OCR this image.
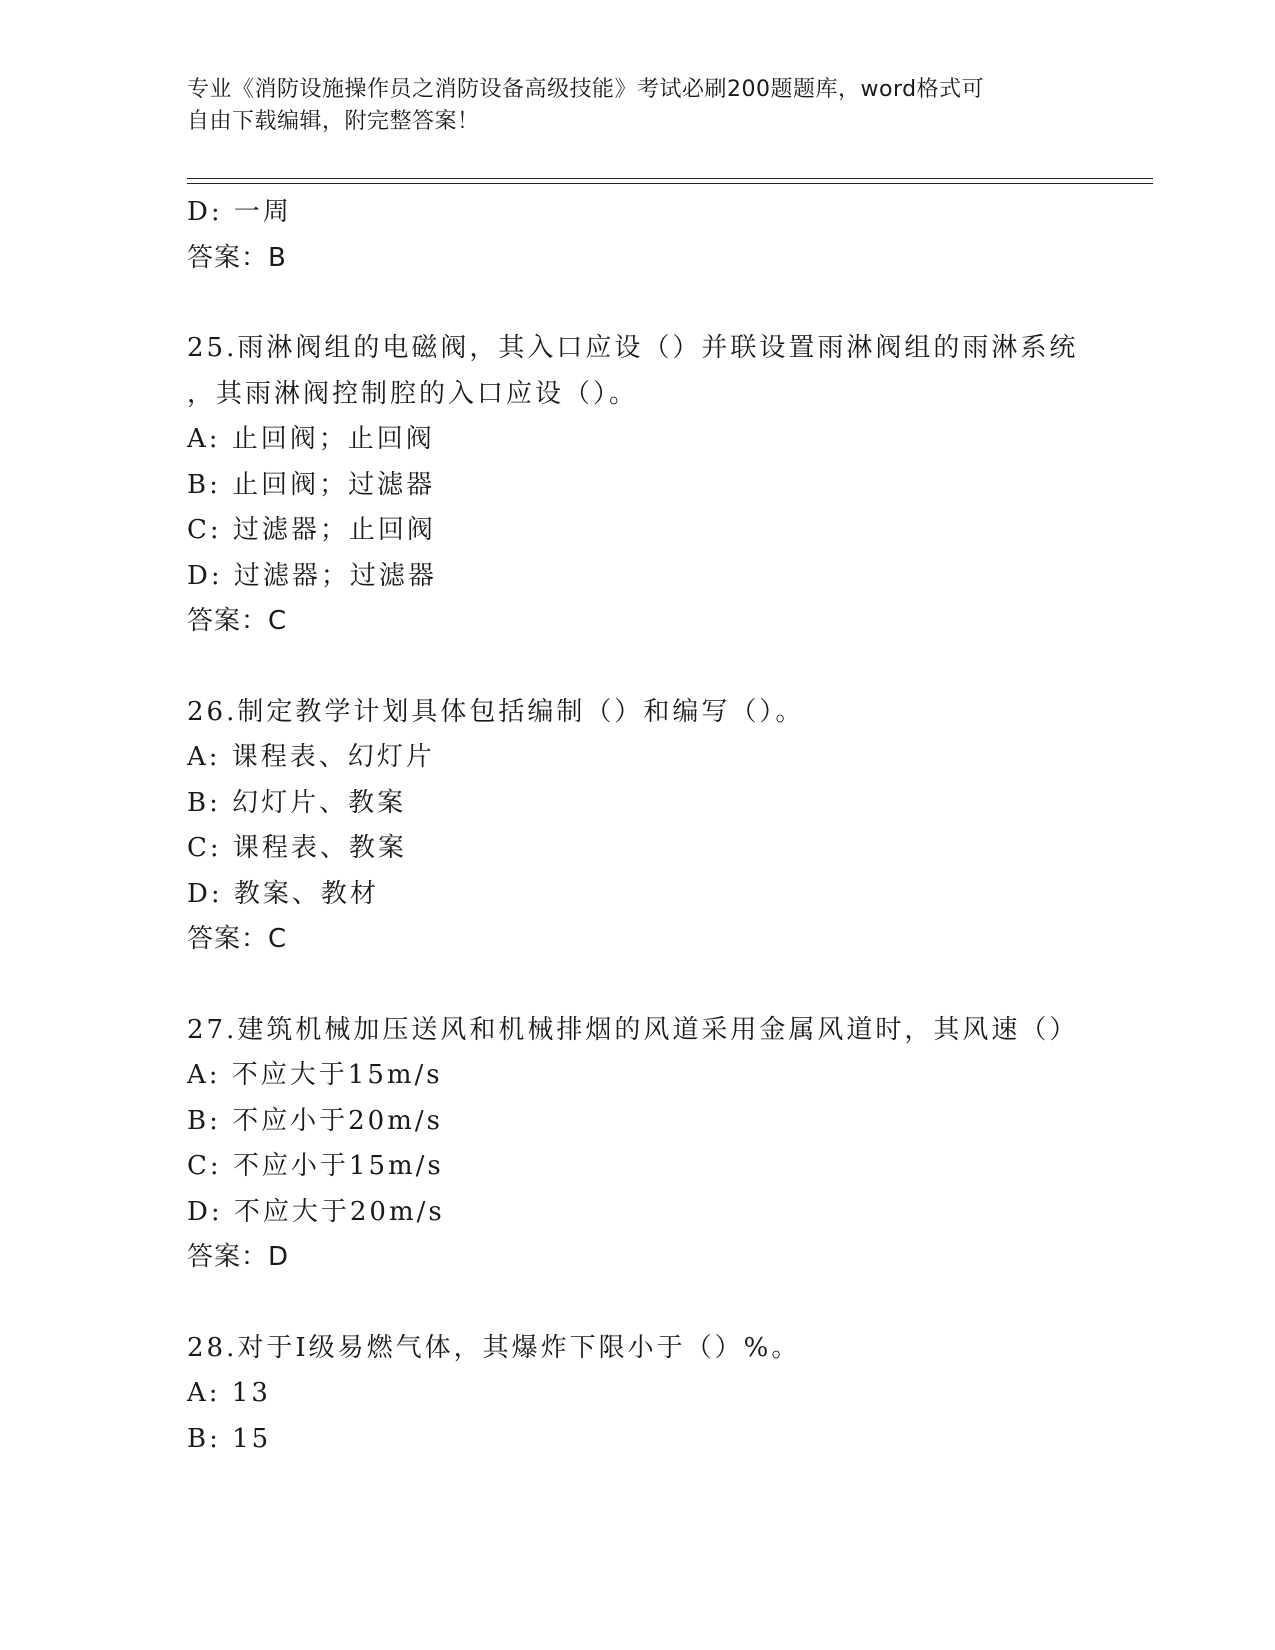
专业《消防设施操作员之消防设备高级技能》考试必刷200题题库，word格式可
自由下载编辑，附完整答案！
D: 一周
答案：B
25.雨淋阀组的电磁阀，其入口应设（）并联设置雨淋阀组的雨淋系统
，其雨淋阀控制腔的入口应设（）。
A: 止回阀；止回阀
B: 止回阀；过滤器
C: 过滤器；止回阀
D: 过滤器；过滤器
答案：C
26.制定教学计划具体包括编制（）和编写（）。
A: 课程表、幻灯片
B: 幻灯片、教案
C: 课程表、教案
D: 教案、教材
答案：C
27.建筑机械加压送风和机械排烟的风道采用金属风道时，其风速（）
A: 不应大于15m/s
B: 不应小于20m/s
C: 不应小于15m/s
D: 不应大于20m/s
答案：D
28.对于Ⅰ级易燃气体，其爆炸下限小于（）%。
A: 13
B: 15
